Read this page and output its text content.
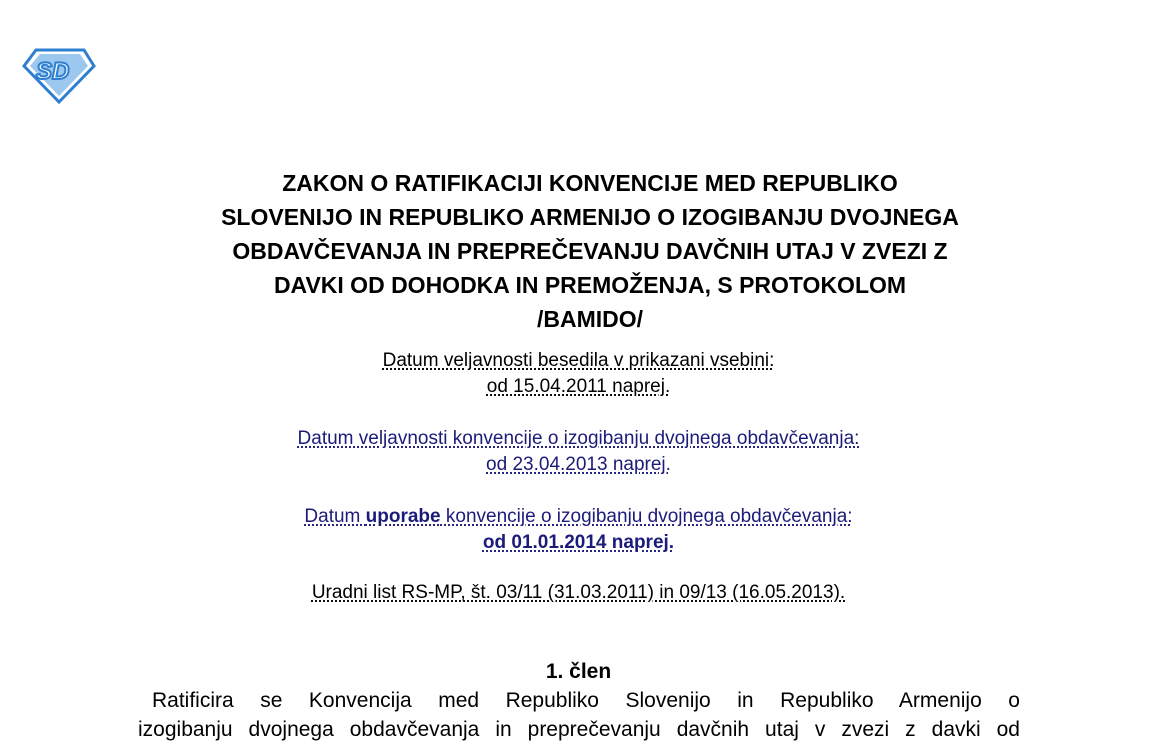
SD
ZAKON O RATIFIKACIJI KONVENCIJE MED REPUBLIKO
SLOVENIJO IN REPUBLIKO ARMENIJO O IZOGIBANJU DVOJNEGA
OBDAVČEVANJA IN PREPREČEVANJU DAVČNIH UTAJ V ZVEZI Z
DAVKI OD DOHODKA IN PREMOŽENJA, S PROTOKOLOM
/BAMIDO/
Datum veljavnosti besedila v prikazani vsebini:
od 15.04.2011 naprej.
Datum veljavnosti konvencije o izogibanju dvojnega obdavčevanja:
od 23.04.2013 naprej.
Datum uporabe konvencije o izogibanju dvojnega obdavčevanja:
od 01.01.2014 naprej.
Uradni list RS-MP, št. 03/11 (31.03.2011) in 09/13 (16.05.2013).
1. člen
Ratificira se Konvencija med Republiko Slovenijo in Republiko Armenijo o
izogibanju dvojnega obdavčevanja in preprečevanju davčnih utaj v zvezi z davki od
